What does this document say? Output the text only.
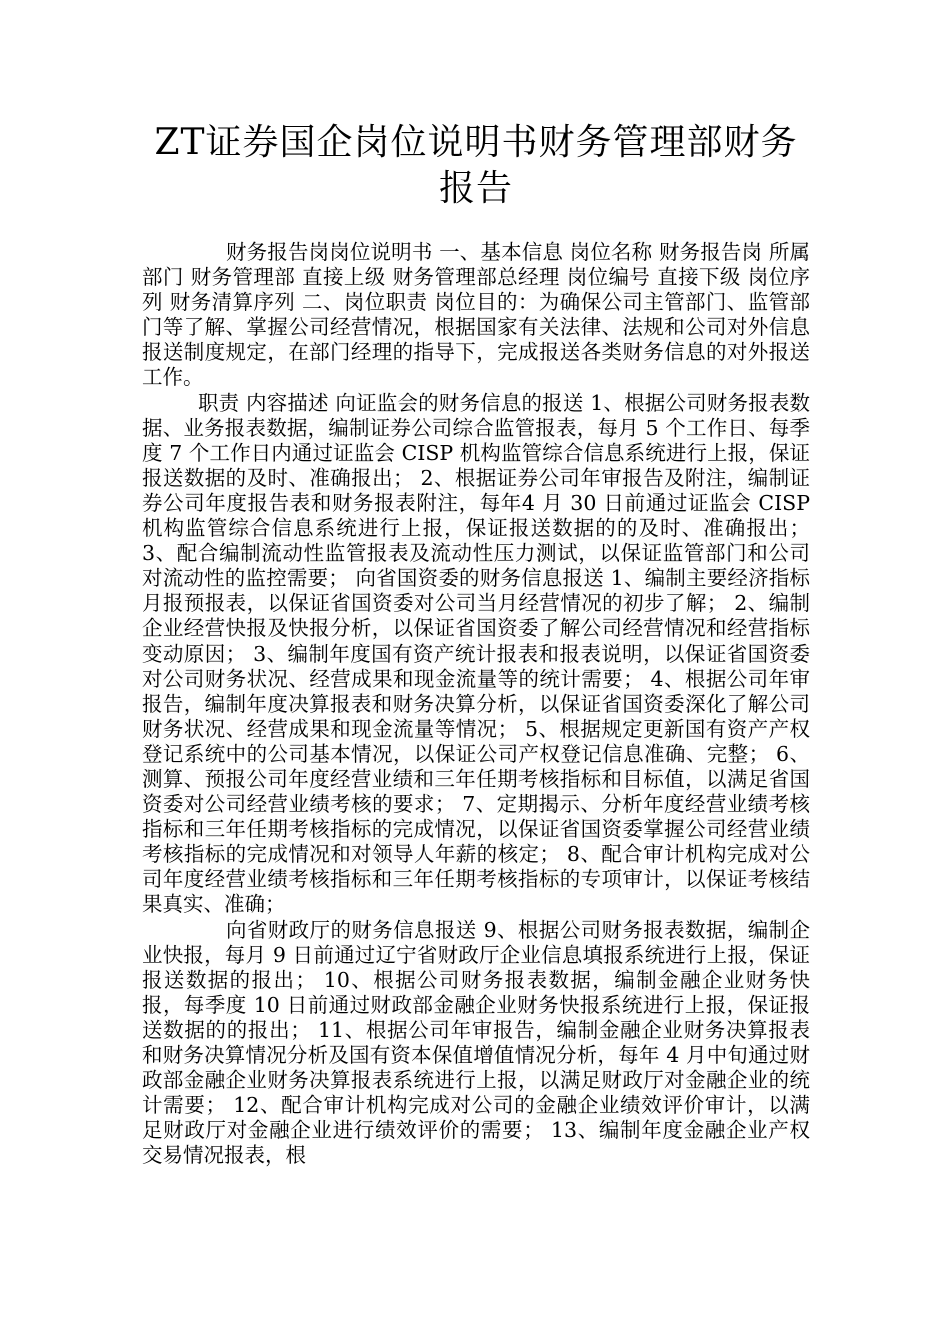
ZT证券国企岗位说明书财务管理部财务报告

财务报告岗岗位说明书 一、基本信息 岗位名称 财务报告岗 所属部门 财务管理部 直接上级 财务管理部总经理 岗位编号 直接下级 岗位序列 财务清算序列 二、岗位职责 岗位目的：为确保公司主管部门、监管部门等了解、掌握公司经营情况，根据国家有关法律、法规和公司对外信息报送制度规定，在部门经理的指导下，完成报送各类财务信息的对外报送工作。

职责 内容描述 向证监会的财务信息的报送 1、根据公司财务报表数据、业务报表数据，编制证券公司综合监管报表，每月 5 个工作日、每季度 7 个工作日内通过证监会 CISP 机构监管综合信息系统进行上报，保证报送数据的及时、准确报出； 2、根据证券公司年审报告及附注，编制证券公司年度报告表和财务报表附注，每年4 月 30 日前通过证监会 CISP 机构监管综合信息系统进行上报，保证报送数据的的及时、准确报出； 3、配合编制流动性监管报表及流动性压力测试，以保证监管部门和公司对流动性的监控需要； 向省国资委的财务信息报送 1、编制主要经济指标月报预报表，以保证省国资委对公司当月经营情况的初步了解； 2、编制企业经营快报及快报分析，以保证省国资委了解公司经营情况和经营指标变动原因； 3、编制年度国有资产统计报表和报表说明，以保证省国资委对公司财务状况、经营成果和现金流量等的统计需要； 4、根据公司年审报告，编制年度决算报表和财务决算分析，以保证省国资委深化了解公司财务状况、经营成果和现金流量等情况； 5、根据规定更新国有资产产权登记系统中的公司基本情况，以保证公司产权登记信息准确、完整； 6、测算、预报公司年度经营业绩和三年任期考核指标和目标值，以满足省国资委对公司经营业绩考核的要求； 7、定期揭示、分析年度经营业绩考核指标和三年任期考核指标的完成情况，以保证省国资委掌握公司经营业绩考核指标的完成情况和对领导人年薪的核定； 8、配合审计机构完成对公司年度经营业绩考核指标和三年任期考核指标的专项审计，以保证考核结果真实、准确；

向省财政厅的财务信息报送 9、根据公司财务报表数据，编制企业快报，每月 9 日前通过辽宁省财政厅企业信息填报系统进行上报，保证报送数据的报出； 10、根据公司财务报表数据，编制金融企业财务快报，每季度 10 日前通过财政部金融企业财务快报系统进行上报，保证报送数据的的报出； 11、根据公司年审报告，编制金融企业财务决算报表和财务决算情况分析及国有资本保值增值情况分析，每年 4 月中旬通过财政部金融企业财务决算报表系统进行上报，以满足财政厅对金融企业的统计需要； 12、配合审计机构完成对公司的金融企业绩效评价审计，以满足财政厅对金融企业进行绩效评价的需要； 13、编制年度金融企业产权交易情况报表，根
